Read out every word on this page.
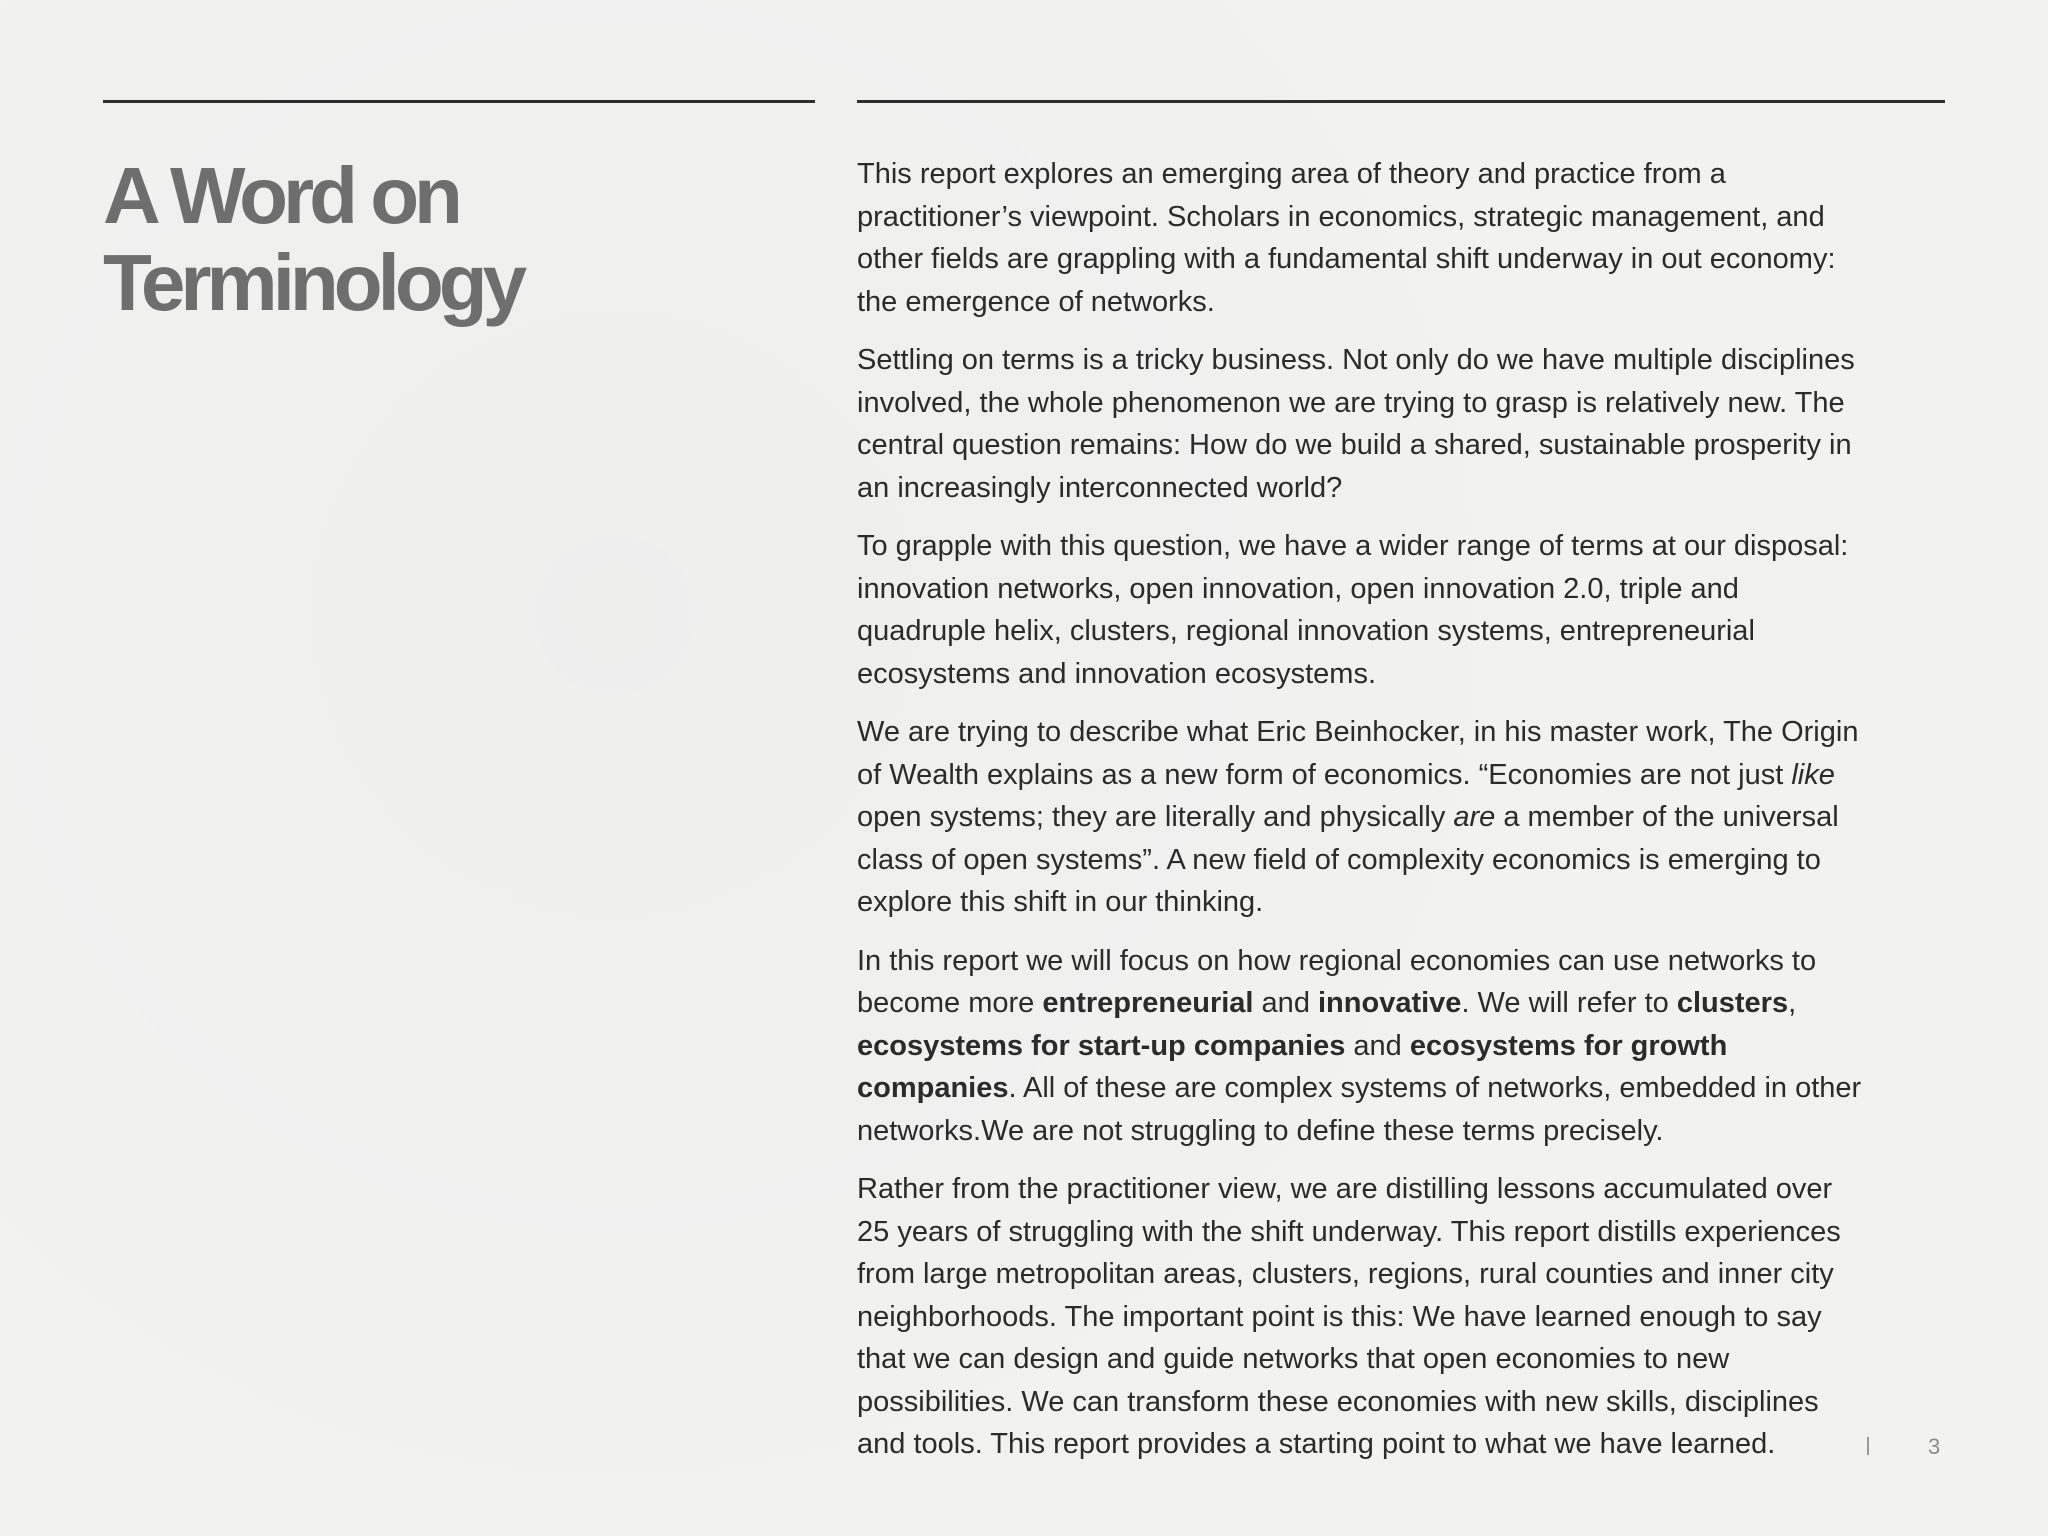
A Word on
Terminology

This report explores an emerging area of theory and practice from a
practitioner’s viewpoint. Scholars in economics, strategic management, and
other fields are grappling with a fundamental shift underway in out economy:
the emergence of networks.

Settling on terms is a tricky business. Not only do we have multiple disciplines
involved, the whole phenomenon we are trying to grasp is relatively new. The
central question remains: How do we build a shared, sustainable prosperity in
an increasingly interconnected world?

To grapple with this question, we have a wider range of terms at our disposal:
innovation networks, open innovation, open innovation 2.0, triple and
quadruple helix, clusters, regional innovation systems, entrepreneurial
ecosystems and innovation ecosystems.

We are trying to describe what Eric Beinhocker, in his master work, The Origin
of Wealth explains as a new form of economics. “Economies are not just like
open systems; they are literally and physically are a member of the universal
class of open systems”. A new field of complexity economics is emerging to
explore this shift in our thinking.

In this report we will focus on how regional economies can use networks to
become more entrepreneurial and innovative. We will refer to clusters,
ecosystems for start-up companies and ecosystems for growth
companies. All of these are complex systems of networks, embedded in other
networks.We are not struggling to define these terms precisely.

Rather from the practitioner view, we are distilling lessons accumulated over
25 years of struggling with the shift underway. This report distills experiences
from large metropolitan areas, clusters, regions, rural counties and inner city
neighborhoods. The important point is this: We have learned enough to say
that we can design and guide networks that open economies to new
possibilities. We can transform these economies with new skills, disciplines
and tools. This report provides a starting point to what we have learned.	3
